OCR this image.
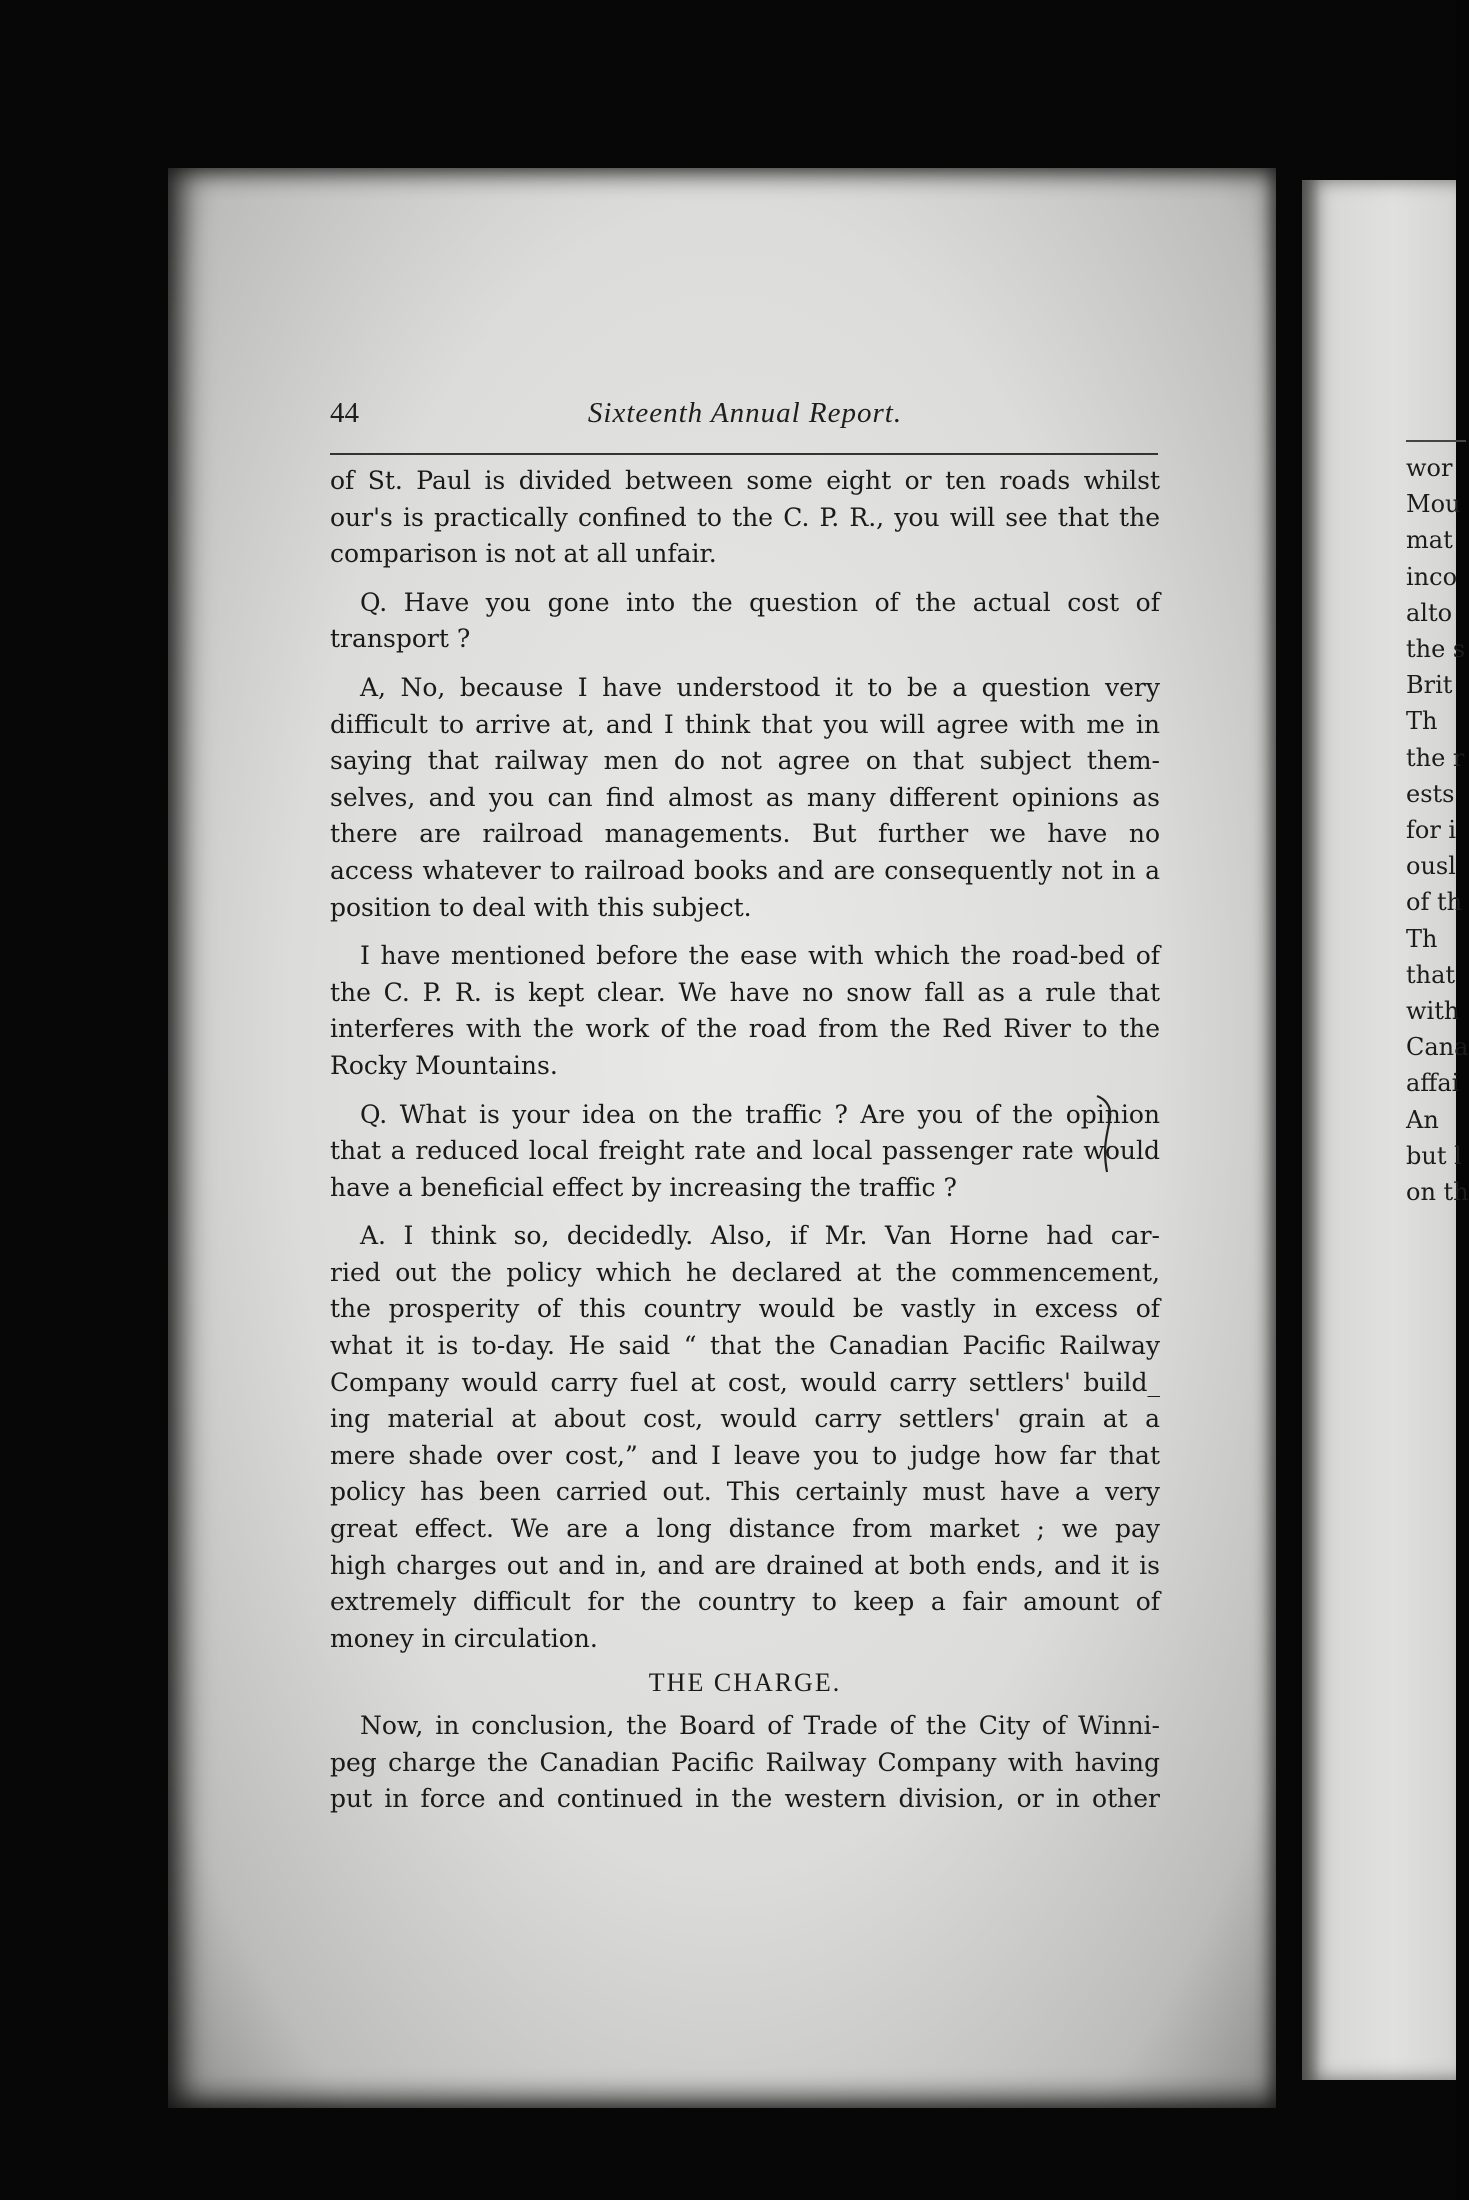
44	Sixteenth Annual Report.
of St. Paul is divided between some eight or ten roads whilst
our's is practically confined to the C. P. R., you will see that the
comparison is not at all unfair.
Q. Have you gone into the question of the actual cost of
transport ?
A, No, because I have understood it to be a question very
difficult to arrive at, and I think that you will agree with me in
saying that railway men do not agree on that subject them-
selves, and you can find almost as many different opinions as
there are railroad managements. But further we have no
access whatever to railroad books and are consequently not in a
position to deal with this subject.
I have mentioned before the ease with which the road-bed of
the C. P. R. is kept clear. We have no snow fall as a rule that
interferes with the work of the road from the Red River to the
Rocky Mountains.
Q. What is your idea on the traffic ? Are you of the opinion
that a reduced local freight rate and local passenger rate would
have a beneficial effect by increasing the traffic ?
A. I think so, decidedly. Also, if Mr. Van Horne had car-
ried out the policy which he declared at the commencement,
the prosperity of this country would be vastly in excess of
what it is to-day. He said “ that the Canadian Pacific Railway
Company would carry fuel at cost, would carry settlers' build_
ing material at about cost, would carry settlers' grain at a
mere shade over cost,” and I leave you to judge how far that
policy has been carried out. This certainly must have a very
great effect. We are a long distance from market ; we pay
high charges out and in, and are drained at both ends, and it is
extremely difficult for the country to keep a fair amount of
money in circulation.
THE CHARGE.
Now, in conclusion, the Board of Trade of the City of Winni-
peg charge the Canadian Pacific Railway Company with having
put in force and continued in the western division, or in other
wor
Mou
mat
inco
alto
the s
Brit
Th
the r
ests
for i
ousl
of th
Th
that
with
Cana
affai
An
but l
on th
